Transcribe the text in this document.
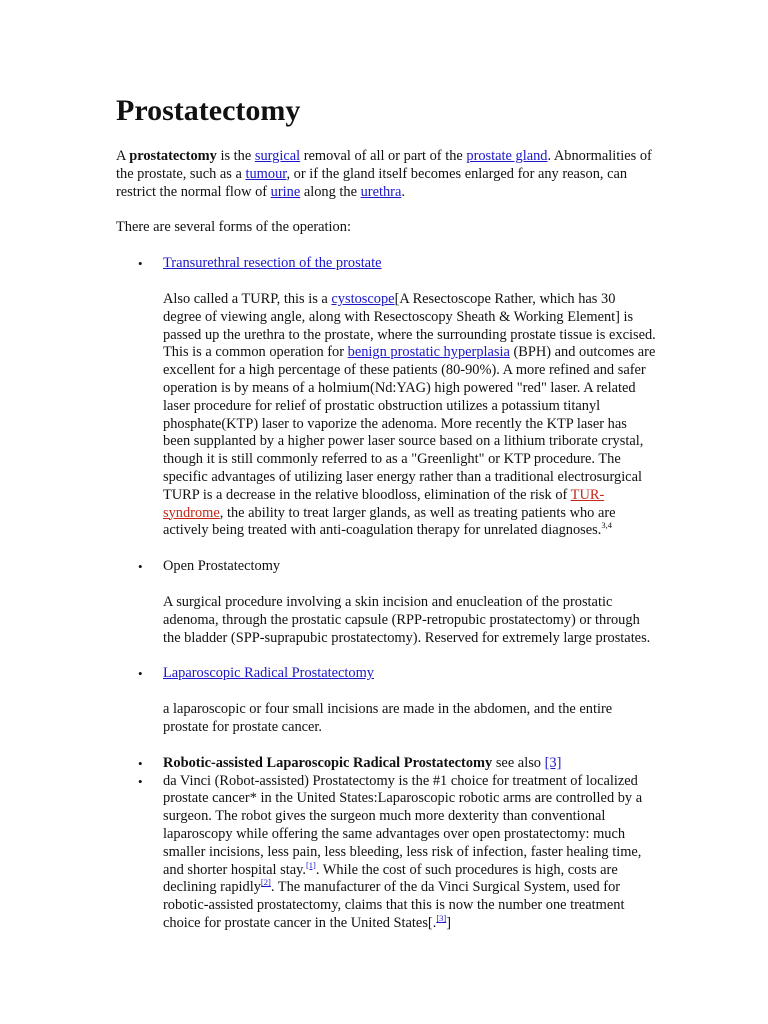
Prostatectomy

A prostatectomy is the surgical removal of all or part of the prostate gland. Abnormalities of the prostate, such as a tumour, or if the gland itself becomes enlarged for any reason, can restrict the normal flow of urine along the urethra.

There are several forms of the operation:

• Transurethral resection of the prostate

Also called a TURP, this is a cystoscope[A Resectoscope Rather, which has 30 degree of viewing angle, along with Resectoscopy Sheath & Working Element] is passed up the urethra to the prostate, where the surrounding prostate tissue is excised. This is a common operation for benign prostatic hyperplasia (BPH) and outcomes are excellent for a high percentage of these patients (80-90%). A more refined and safer operation is by means of a holmium(Nd:YAG) high powered "red" laser. A related laser procedure for relief of prostatic obstruction utilizes a potassium titanyl phosphate(KTP) laser to vaporize the adenoma. More recently the KTP laser has been supplanted by a higher power laser source based on a lithium triborate crystal, though it is still commonly referred to as a "Greenlight" or KTP procedure. The specific advantages of utilizing laser energy rather than a traditional electrosurgical TURP is a decrease in the relative bloodloss, elimination of the risk of TUR-syndrome, the ability to treat larger glands, as well as treating patients who are actively being treated with anti-coagulation therapy for unrelated diagnoses.$^{3,4}$

• Open Prostatectomy

A surgical procedure involving a skin incision and enucleation of the prostatic adenoma, through the prostatic capsule (RPP-retropubic prostatectomy) or through the bladder (SPP-suprapubic prostatectomy). Reserved for extremely large prostates.

• Laparoscopic Radical Prostatectomy

a laparoscopic or four small incisions are made in the abdomen, and the entire prostate for prostate cancer.

• Robotic-assisted Laparoscopic Radical Prostatectomy see also [3]
• da Vinci (Robot-assisted) Prostatectomy is the #1 choice for treatment of localized prostate cancer* in the United States:Laparoscopic robotic arms are controlled by a surgeon. The robot gives the surgeon much more dexterity than conventional laparoscopy while offering the same advantages over open prostatectomy: much smaller incisions, less pain, less bleeding, less risk of infection, faster healing time, and shorter hospital stay.[1]. While the cost of such procedures is high, costs are declining rapidly[2]. The manufacturer of the da Vinci Surgical System, used for robotic-assisted prostatectomy, claims that this is now the number one treatment choice for prostate cancer in the United States[.[3]]
